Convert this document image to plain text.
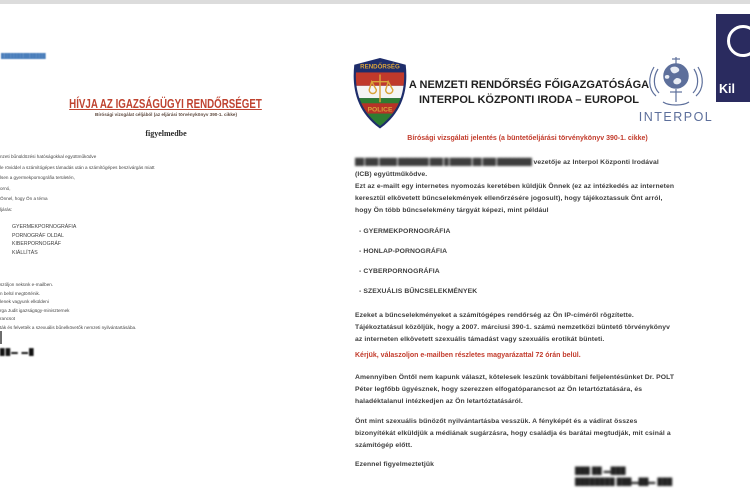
██████████████
HÍVJA AZ IGAZSÁGÜGYI RENDŐRSÉGET
Bírósági vizsgálat céljából (az eljárási törvénykönyv 390-1. cikke)
figyelmedbe
nzeti bűnüldözési hatóságokkal együttműködve
le röviddel a számítógépes támadás után a számítógépes beszivárgás miatt
lsen a gyermekpornográfia területén,
ornó,
Önnel, hogy Ön a téma
ljárás:
GYERMEKPORNOGRÁFIA
PORNOGRÁF OLDAL
KIBERPORNOGRÁF
KIÁLLÍTÁS
szóljon nekünk e-mailben.
n belül megtörténik.
lenek vagyunk elküldeni
rga Judit igazságügy-miniszternek
rancsot
ták és felvették a szexuális bűnelkövetők nemzeti nyilvántartásába.
██▬ ▬█
RENDŐRSÉG
POLICE
A NEMZETI RENDŐRSÉG FŐIGAZGATÓSÁGA
INTERPOL KÖZPONTI IRODA – EUROPOL
INTERPOL
Bírósági vizsgálati jelentés (a büntetőeljárási törvénykönyv 390-1. cikke)
██ ███ ████ ███████ ███ █ █████ ██ ███ ████████ vezetője az Interpol Központi Irodával
(ICB) együttműködve.
Ezt az e-mailt egy internetes nyomozás keretében küldjük Önnek (ez az intézkedés az interneten
keresztül elkövetett bűncselekmények ellenőrzésére jogosult), hogy tájékoztassuk Önt arról,
hogy Ön több bűncselekmény tárgyát képezi, mint például
- GYERMEKPORNOGRÁFIA
- HONLAP-PORNOGRÁFIA
- CYBERPORNOGRÁFIA
- SZEXUÁLIS BŰNCSELEKMÉNYEK
Ezeket a bűncselekményeket a számítógépes rendőrség az Ön IP-címéről rögzítette.
Tájékoztatásul közöljük, hogy a 2007. márciusi 390-1. számú nemzetközi büntető törvénykönyv
az interneten elkövetett szexuális támadást vagy szexuális erotikát bünteti.
Kérjük, válaszoljon e-mailben részletes magyarázattal 72 órán belül.
Amennyiben Öntől nem kapunk választ, kötelesek leszünk továbbítani feljelentésünket Dr. POLT
Péter legfőbb ügyésznek, hogy szerezzen elfogatóparancsot az Ön letartóztatására, és
haladéktalanul intézkedjen az Ön letartóztatásáról.
Önt mint szexuális bűnözőt nyilvántartásba vesszük. A fényképét és a vádirat összes
bizonyítékát elküldjük a médiának sugárzásra, hogy családja és barátai megtudják, mit csinál a
számítógép előtt.
Ezennel figyelmeztetjük
███ ██ ▬███
████████ ███▬██▬ ███
Kil
